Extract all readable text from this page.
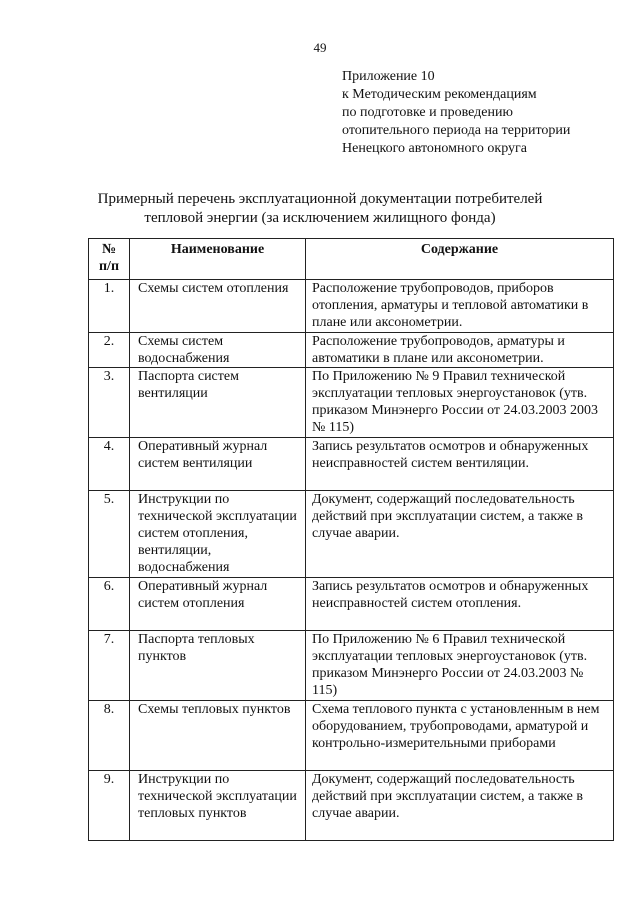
49
Приложение 10
к Методическим рекомендациям
по подготовке и проведению
отопительного периода на территории
Ненецкого автономного округа
Примерный перечень эксплуатационной документации потребителей
тепловой энергии (за исключением жилищного фонда)
№
п/п	Наименование	Содержание
1.	Схемы систем отопления	Расположение трубопроводов, приборов отопления, арматуры и тепловой автоматики в плане или аксонометрии.
2.	Схемы систем водоснабжения	Расположение трубопроводов, арматуры и автоматики в плане или аксонометрии.
3.	Паспорта систем вентиляции	По Приложению № 9 Правил технической эксплуатации тепловых энергоустановок (утв. приказом Минэнерго России от 24.03.2003 2003 № 115)
4.	Оперативный журнал систем вентиляции	Запись результатов осмотров и обнаруженных неисправностей систем вентиляции.
5.	Инструкции по технической эксплуатации систем отопления, вентиляции, водоснабжения	Документ, содержащий последовательность действий при эксплуатации систем, а также в случае аварии.
6.	Оперативный журнал систем отопления	Запись результатов осмотров и обнаруженных неисправностей систем отопления.
7.	Паспорта тепловых пунктов	По Приложению № 6 Правил технической эксплуатации тепловых энергоустановок (утв. приказом Минэнерго России от 24.03.2003 № 115)
8.	Схемы тепловых пунктов	Схема теплового пункта с установленным в нем оборудованием, трубопроводами, арматурой и контрольно-измерительными приборами
9.	Инструкции по технической эксплуатации тепловых пунктов	Документ, содержащий последовательность действий при эксплуатации систем, а также в случае аварии.
